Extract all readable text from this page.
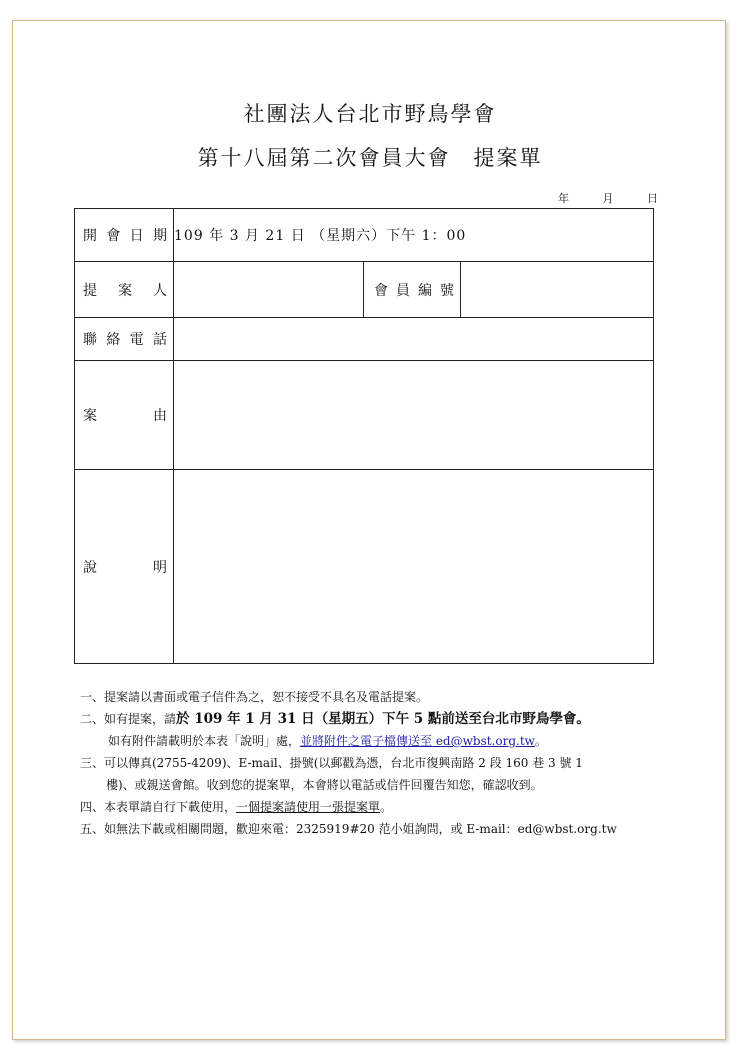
社團法人台北市野鳥學會
第十八屆第二次會員大會　提案單
年	月	日
開 會 日 期	109 年 3 月 21 日 （星期六）下午 1：00		

提 案 人		會 員 編 號	

聯 絡 電 話			

案 由			

說 明			

一、提案請以書面或電子信件為之，恕不接受不具名及電話提案。
二、如有提案，請於 109 年 1 月 31 日（星期五）下午 5 點前送至台北市野鳥學會。
如有附件請載明於本表「說明」處，並將附件之電子檔傳送至 ed@wbst.org.tw。
三、可以傳真(2755-4209)、E-mail、掛號(以郵戳為憑，台北市復興南路 2 段 160 巷 3 號 1
樓)、或親送會館。收到您的提案單，本會將以電話或信件回覆告知您，確認收到。
四、本表單請自行下載使用，一個提案請使用一張提案單。
五、如無法下載或相關問題，歡迎來電：2325919#20 范小姐詢問，或 E-mail：ed@wbst.org.tw
